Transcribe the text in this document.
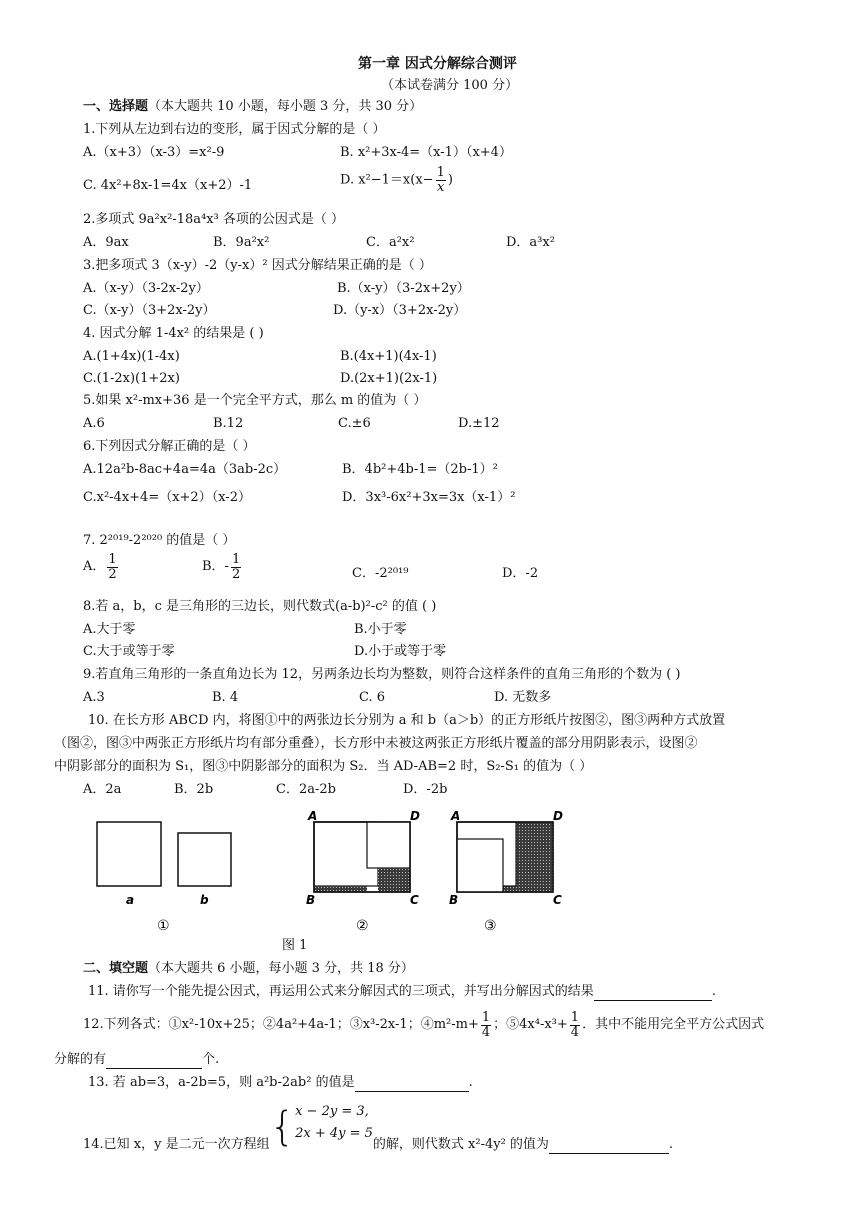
第一章 因式分解综合测评
（本试卷满分 100 分）
一、选择题（本大题共 10 小题，每小题 3 分，共 30 分）
1.下列从左边到右边的变形，属于因式分解的是（ ）
A.（x+3）（x-3）=x²-9	B. x²+3x-4=（x-1）（x+4）
C. 4x²+8x-1=4x（x+2）-1	D. $x^2-1=x(x- \frac{1}{x}$ )
2.多项式 9a²x²-18a⁴x³ 各项的公因式是（ ）
A．9ax	B．9a²x²	C．a²x²	D．a³x²
3.把多项式 3（x-y）-2（y-x）² 因式分解结果正确的是（ ）
A.（x-y）（3-2x-2y）	B.（x-y）（3-2x+2y）
C.（x-y）（3+2x-2y）	D.（y-x）（3+2x-2y）
4. 因式分解 1-4x² 的结果是 ( )
A.(1+4x)(1-4x)	B.(4x+1)(4x-1)
C.(1-2x)(1+2x)	D.(2x+1)(2x-1)
5.如果 x²-mx+36 是一个完全平方式，那么 m 的值为（ ）
A.6	B.12	C.±6	D.±12
6.下列因式分解正确的是（ ）
A.12a²b-8ac+4a=4a（3ab-2c）	B．4b²+4b-1=（2b-1）²
C.x²-4x+4=（x+2）（x-2）	D．3x³-6x²+3x=3x（x-1）²
7. 2²⁰¹⁹-2²⁰²⁰ 的值是（ ）
A． $\frac{1}{2}$	B．- $\frac{1}{2}$	C．-2²⁰¹⁹	D．-2
8.若 a，b，c 是三角形的三边长，则代数式(a-b)²-c² 的值 ( )
A.大于零	B.小于零
C.大于或等于零	D.小于或等于零
9.若直角三角形的一条直角边长为 12，另两条边长均为整数，则符合这样条件的直角三角形的个数为 ( )
A.3	B. 4	C. 6	D. 无数多
10. 在长方形 ABCD 内，将图①中的两张边长分别为 a 和 b（a＞b）的正方形纸片按图②，图③两种方式放置
（图②，图③中两张正方形纸片均有部分重叠），长方形中未被这两张正方形纸片覆盖的部分用阴影表示，设图②
中阴影部分的面积为 S₁，图③中阴影部分的面积为 S₂．当 AD-AB=2 时，S₂-S₁ 的值为（ ）
A．2a	B．2b	C．2a-2b	D．-2b
a	b
A	D
B	C
A	D
B	C
①	②	③
图 1
二、填空题（本大题共 6 小题，每小题 3 分，共 18 分）
11. 请你写一个能先提公因式，再运用公式来分解因式的三项式，并写出分解因式的结果	.
12.下列各式：①x²-10x+25；②4a²+4a-1；③x³-2x-1；④m²-m+ $\frac{1}{4}$ ；⑤4x⁴-x³+ $\frac{1}{4}$ ．其中不能用完全平方公式因式
分解的有	个.
13. 若 ab=3，a-2b=5，则 a²b-2ab² 的值是	.
14.已知 x，y 是二元一次方程组{ x − 2y = 3,
2x + 4y = 5
的解，则代数式 x²-4y² 的值为	.
